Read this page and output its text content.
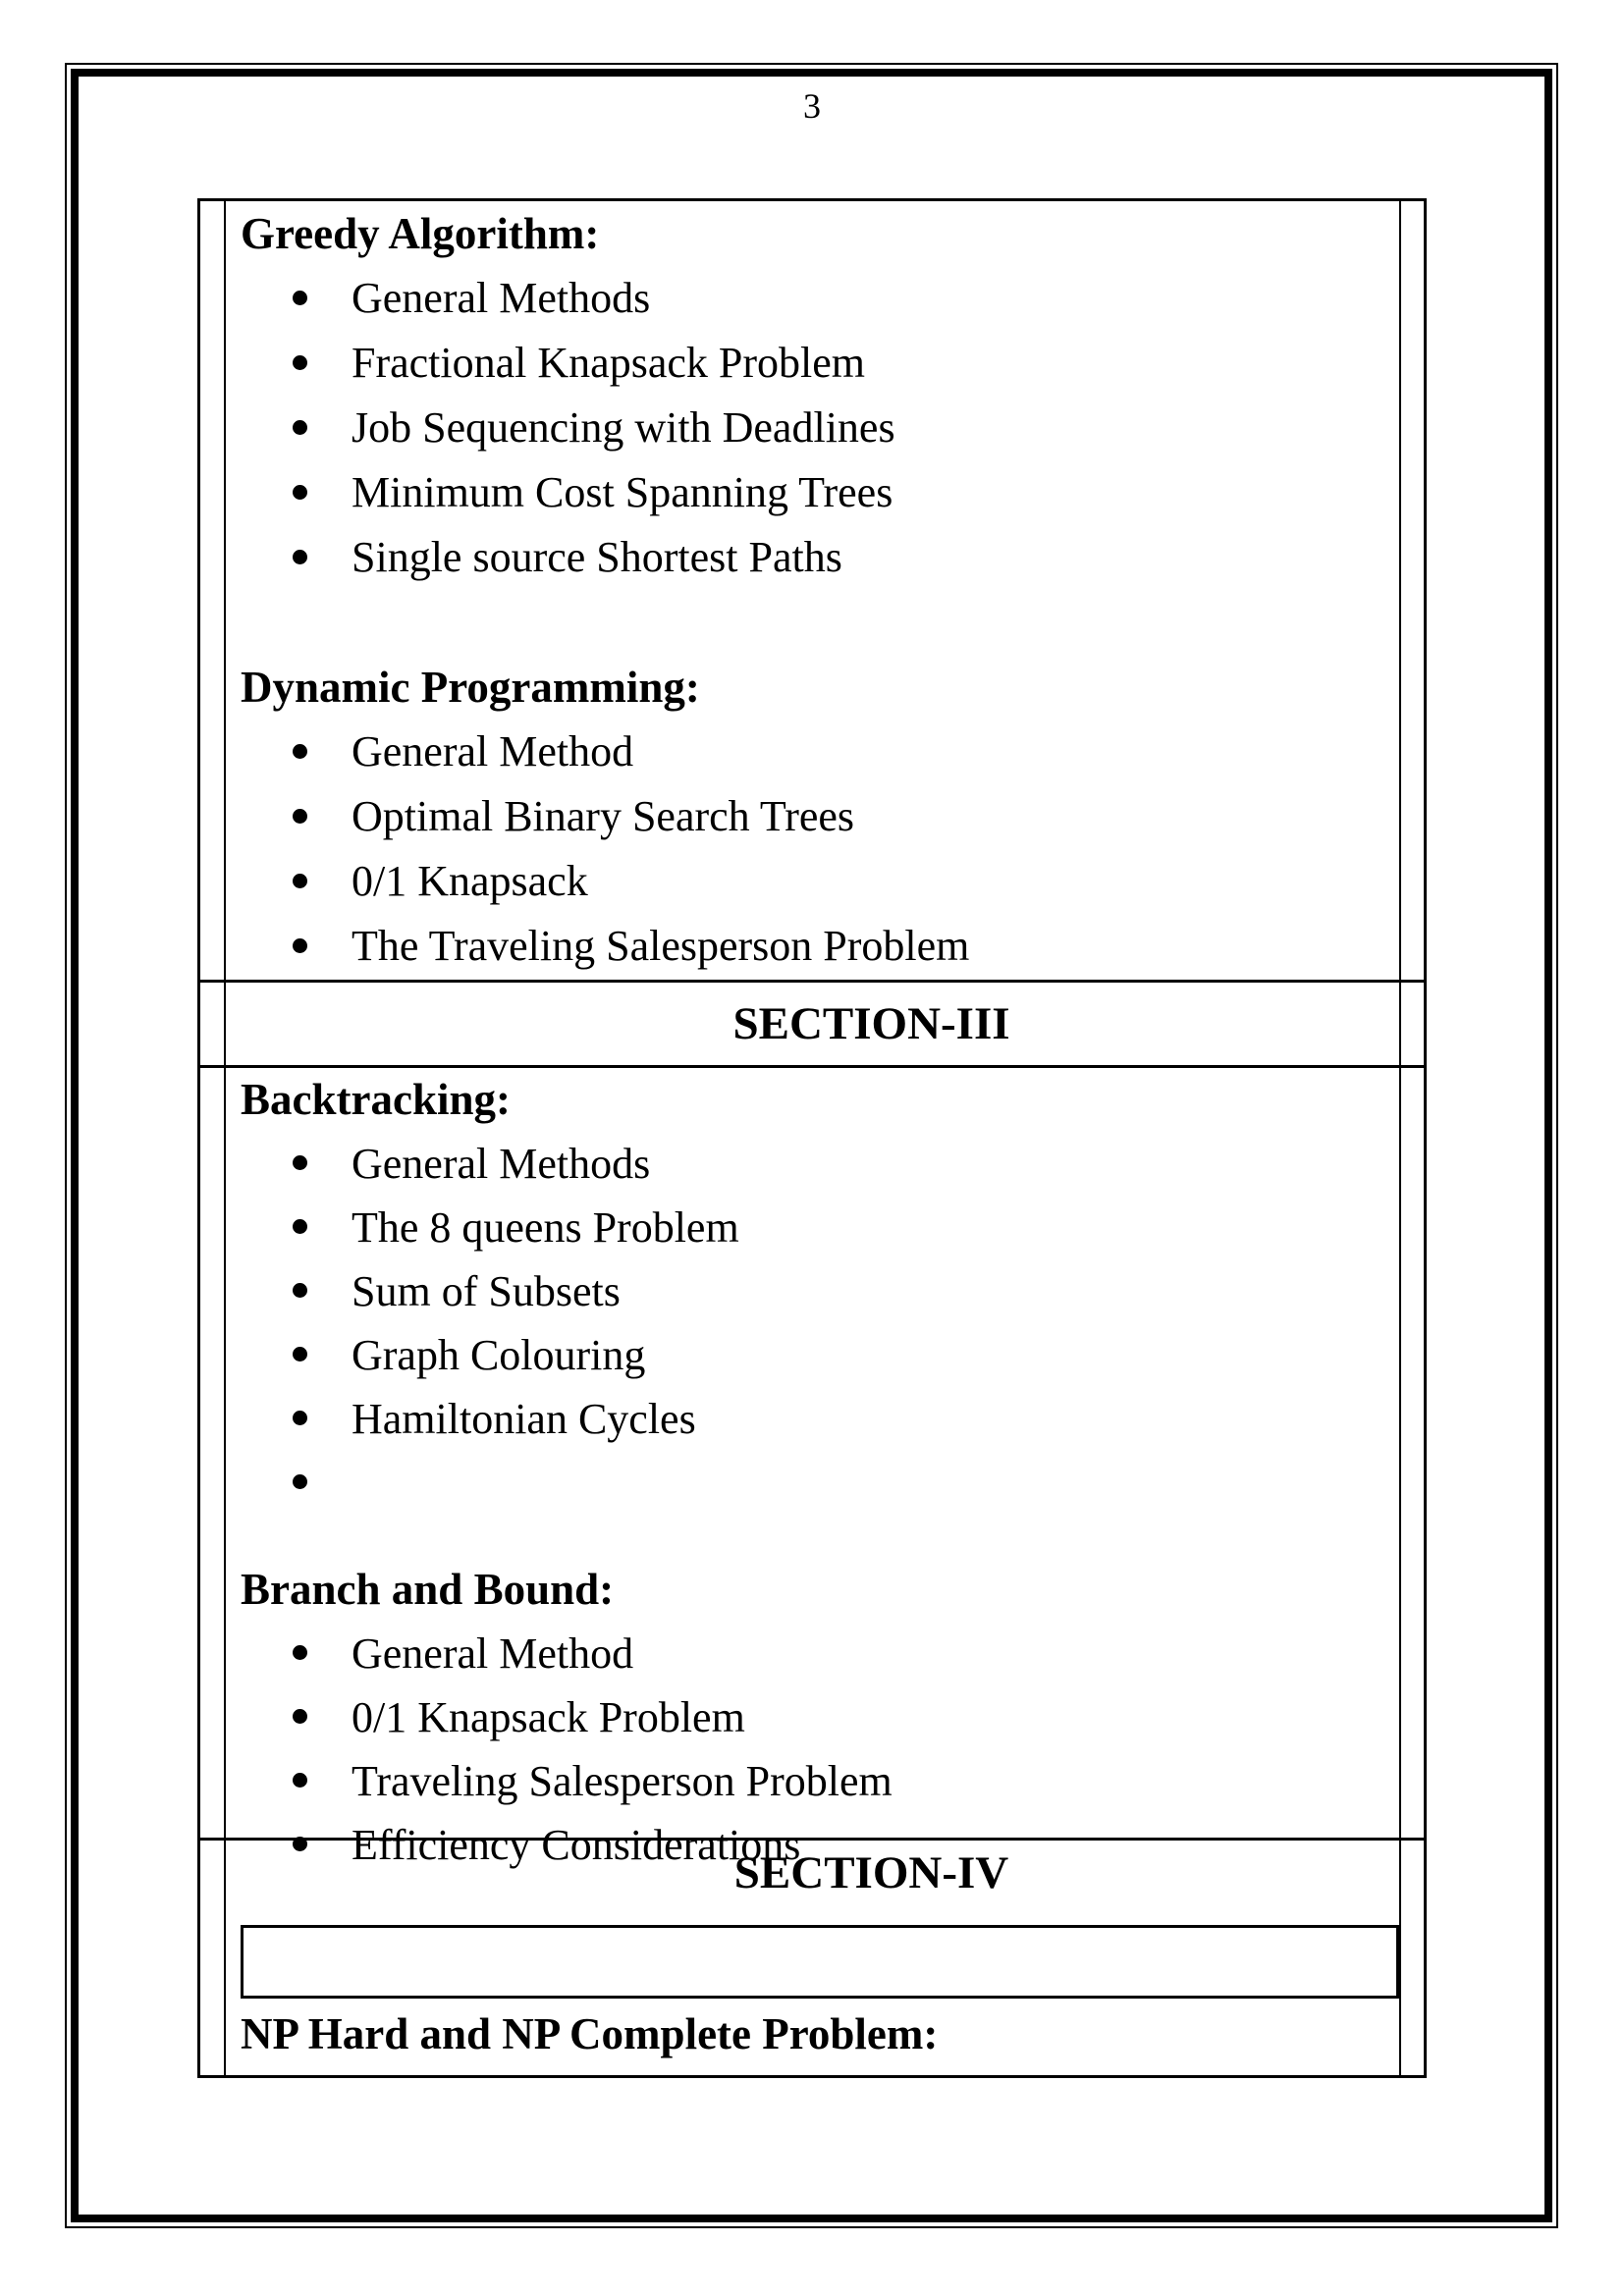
3
Greedy Algorithm:
General Methods
Fractional Knapsack Problem
Job Sequencing with Deadlines
Minimum Cost Spanning Trees
Single source Shortest Paths
Dynamic Programming:
General Method
Optimal Binary Search Trees
0/1 Knapsack
The Traveling Salesperson Problem
SECTION-III
Backtracking:
General Methods
The 8 queens Problem
Sum of Subsets
Graph Colouring
Hamiltonian Cycles
Branch and Bound:
General Method
0/1 Knapsack Problem
Traveling Salesperson Problem
Efficiency Considerations
SECTION-IV
NP Hard and NP Complete Problem:
